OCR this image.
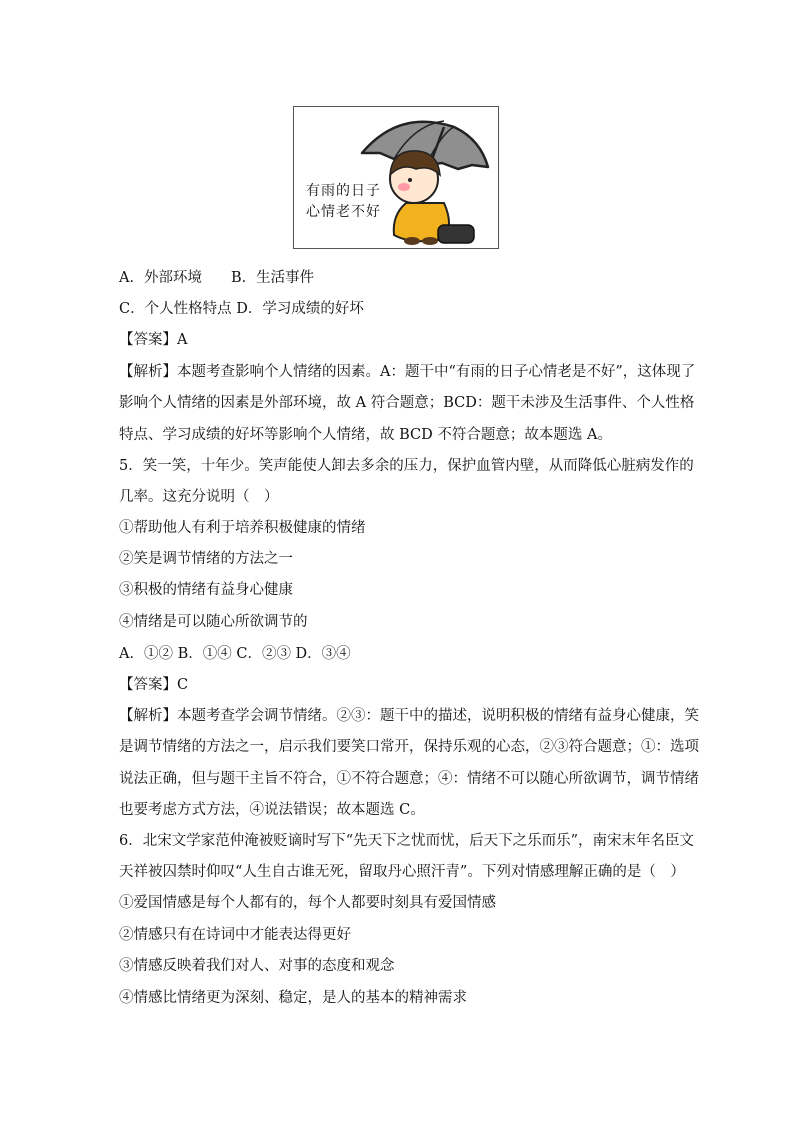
有雨的日子
心情老不好
A．外部环境　　B．生活事件
C．个人性格特点 D．学习成绩的好坏
【答案】A
【解析】本题考查影响个人情绪的因素。A：题干中“有雨的日子心情老是不好”，这体现了
影响个人情绪的因素是外部环境，故 A 符合题意；BCD：题干未涉及生活事件、个人性格
特点、学习成绩的好坏等影响个人情绪，故 BCD 不符合题意；故本题选 A。
5．笑一笑，十年少。笑声能使人卸去多余的压力，保护血管内壁，从而降低心脏病发作的
几率。这充分说明（　）
①帮助他人有利于培养积极健康的情绪
②笑是调节情绪的方法之一
③积极的情绪有益身心健康
④情绪是可以随心所欲调节的
A．①② B．①④ C．②③ D．③④
【答案】C
【解析】本题考查学会调节情绪。②③：题干中的描述，说明积极的情绪有益身心健康，笑
是调节情绪的方法之一，启示我们要笑口常开，保持乐观的心态，②③符合题意；①：选项
说法正确，但与题干主旨不符合，①不符合题意；④：情绪不可以随心所欲调节，调节情绪
也要考虑方式方法，④说法错误；故本题选 C。
6．北宋文学家范仲淹被贬谪时写下“先天下之忧而忧，后天下之乐而乐”，南宋末年名臣文
天祥被囚禁时仰叹“人生自古谁无死，留取丹心照汗青”。下列对情感理解正确的是（　）
①爱国情感是每个人都有的，每个人都要时刻具有爱国情感
②情感只有在诗词中才能表达得更好
③情感反映着我们对人、对事的态度和观念
④情感比情绪更为深刻、稳定，是人的基本的精神需求
